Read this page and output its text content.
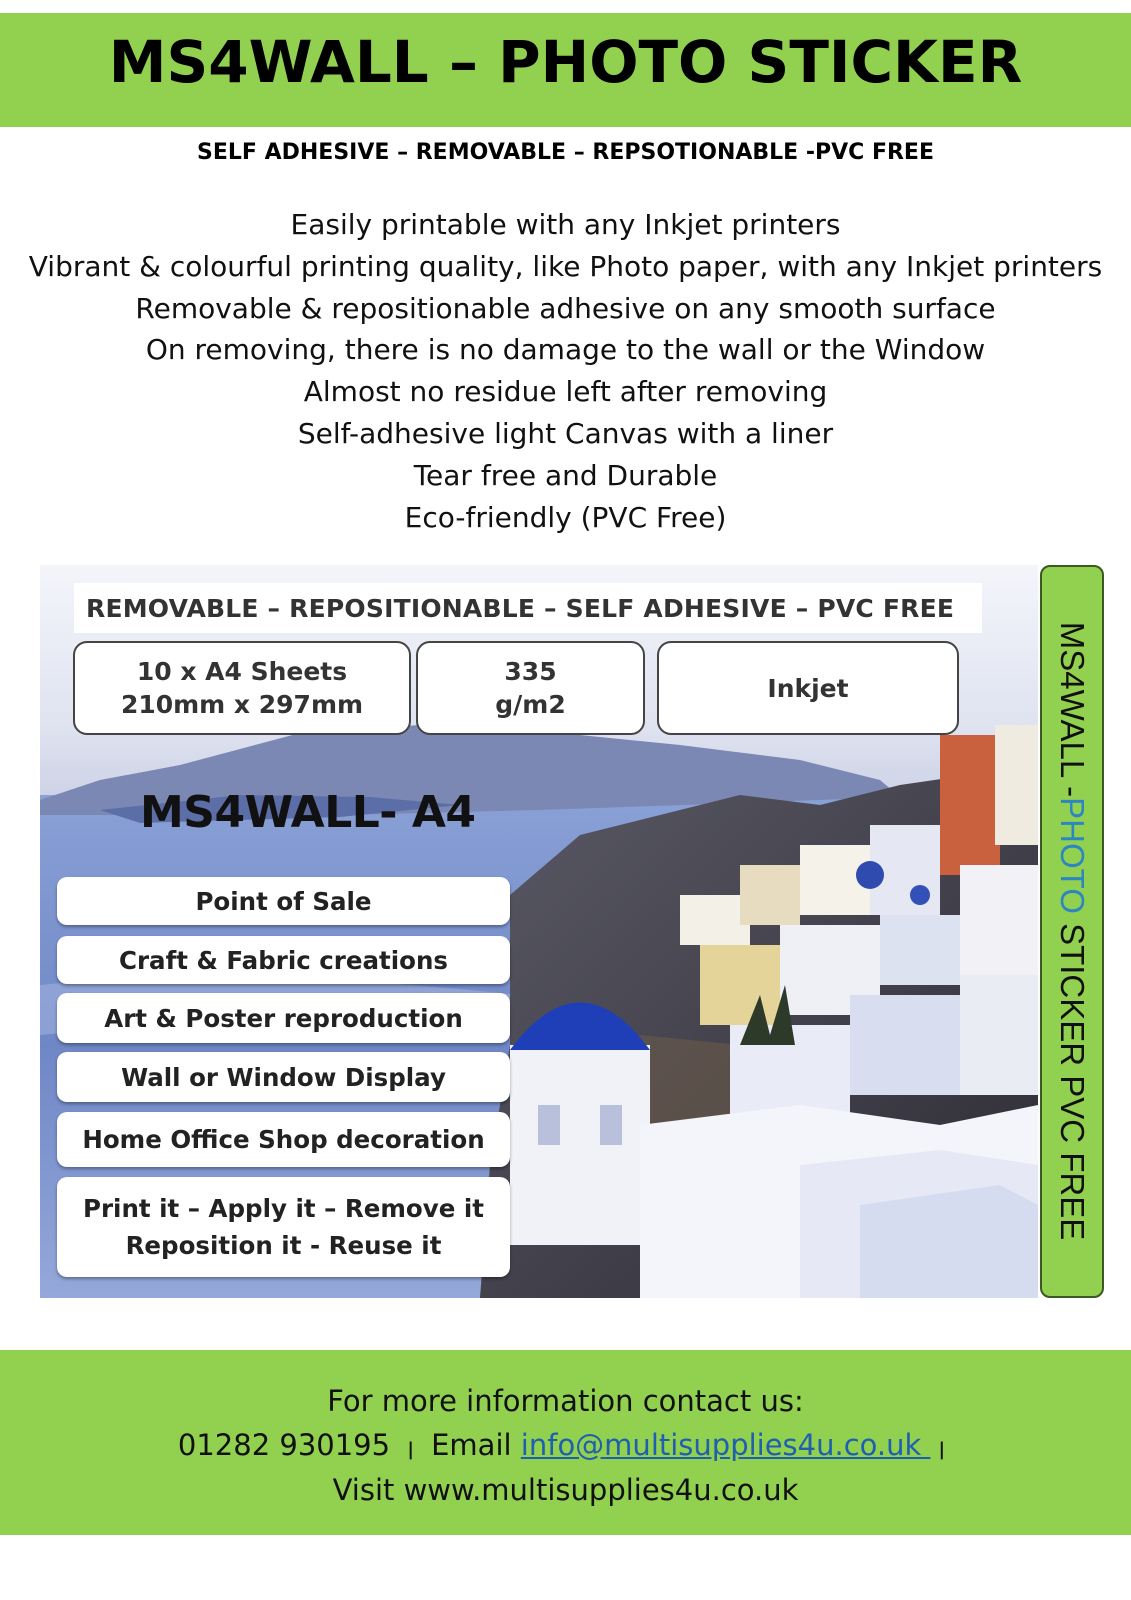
MS4WALL – PHOTO STICKER
SELF ADHESIVE – REMOVABLE – REPSOTIONABLE -PVC FREE
Easily printable with any Inkjet printers
Vibrant & colourful printing quality, like Photo paper, with any Inkjet printers
Removable & repositionable adhesive on any smooth surface
On removing, there is no damage to the wall or the Window
Almost no residue left after removing
Self-adhesive light Canvas with a liner
Tear free and Durable
Eco-friendly (PVC Free)
REMOVABLE – REPOSITIONABLE – SELF ADHESIVE – PVC FREE
10 x A4 Sheets
210mm x 297mm
335
g/m2
Inkjet
MS4WALL- A4
Point of Sale
Craft & Fabric creations
Art & Poster reproduction
Wall or Window Display
Home Office Shop decoration
Print it – Apply it – Remove it
Reposition it - Reuse it
MS4WALL -PHOTO STICKER PVC FREE
For more information contact us:
01282 930195 | Email info@multisupplies4u.co.uk |
Visit www.multisupplies4u.co.uk
